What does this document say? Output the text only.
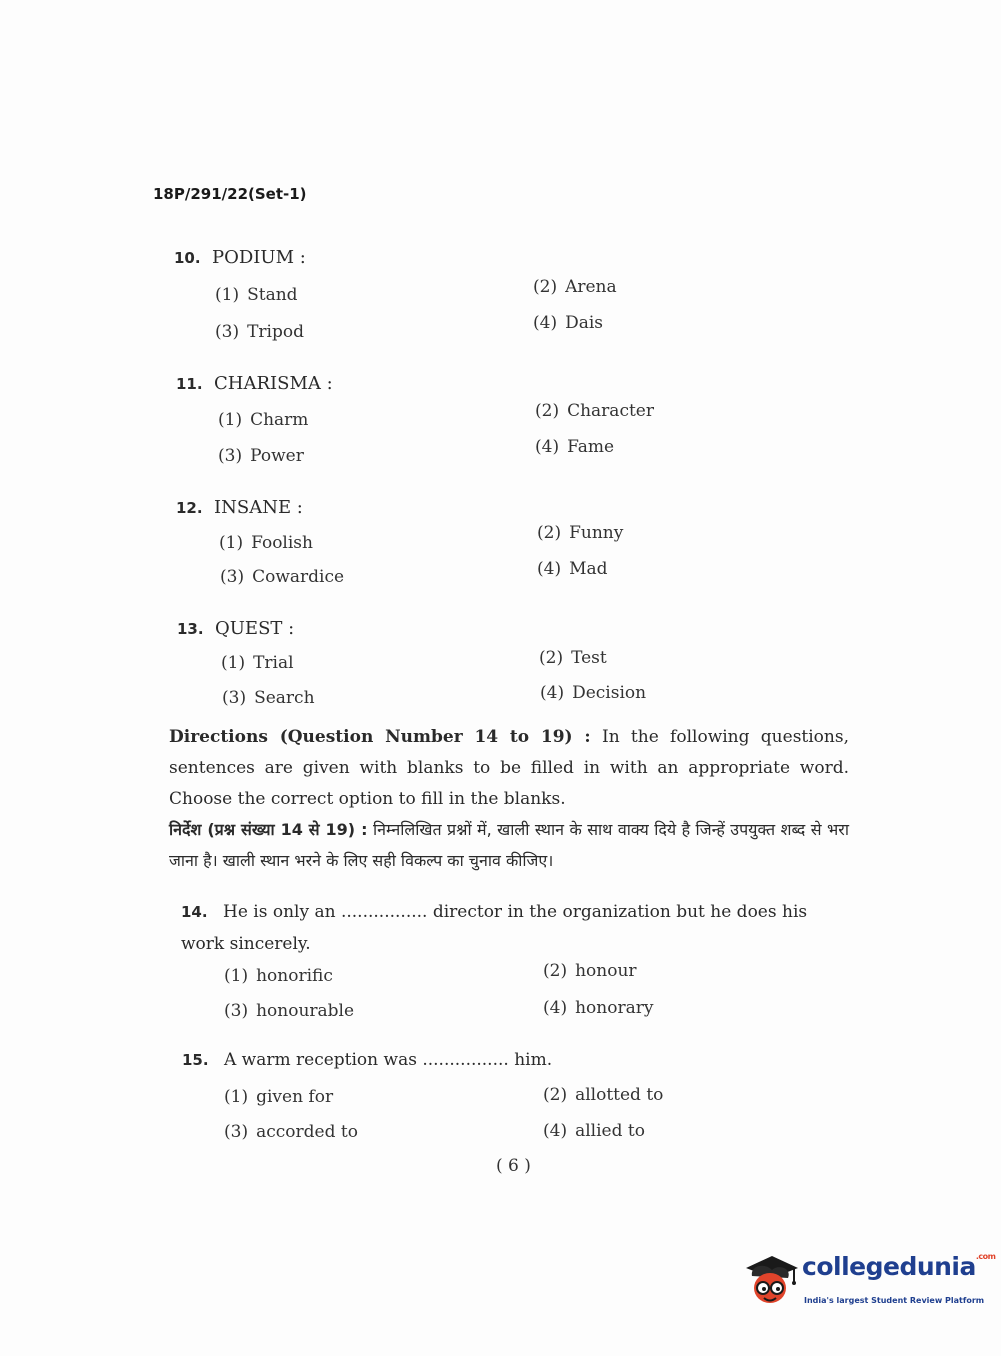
18P/291/22(Set-1)
10. PODIUM :
(1) Stand	(2) Arena
(3) Tripod	(4) Dais
11. CHARISMA :
(1) Charm	(2) Character
(3) Power	(4) Fame
12. INSANE :
(1) Foolish	(2) Funny
(3) Cowardice	(4) Mad
13. QUEST :
(1) Trial	(2) Test
(3) Search	(4) Decision
Directions (Question Number 14 to 19) : In the following questions, sentences are given with blanks to be filled in with an appropriate word. Choose the correct option to fill in the blanks.
निर्देश (प्रश्न संख्या 14 से 19) : निम्नलिखित प्रश्नों में, खाली स्थान के साथ वाक्य दिये है जिन्हें उपयुक्त शब्द से भरा जाना है। खाली स्थान भरने के लिए सही विकल्प का चुनाव कीजिए।
14. He is only an ................ director in the organization but he does his work sincerely.
(1) honorific	(2) honour
(3) honourable	(4) honorary
15. A warm reception was ................ him.
(1) given for	(2) allotted to
(3) accorded to	(4) allied to
( 6 )
collegedunia$^{.com}$
India's largest Student Review Platform
